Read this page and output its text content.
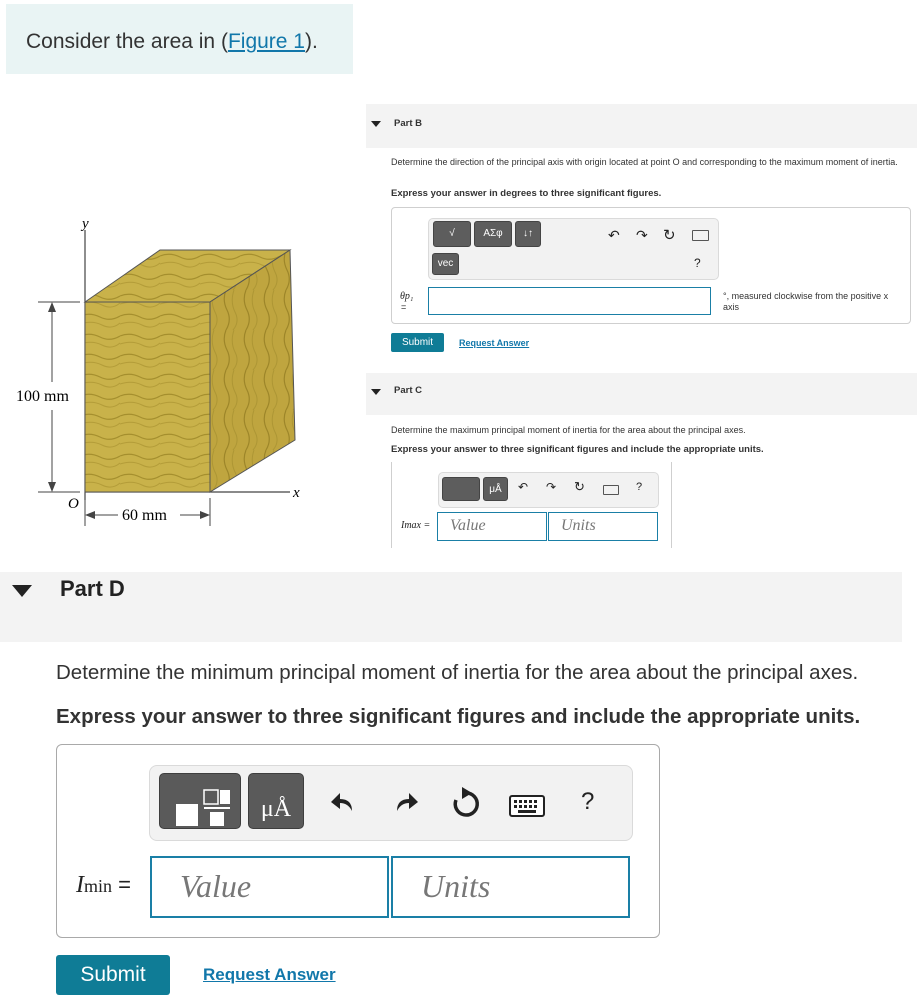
Consider the area in (Figure 1).
y
x
O
100 mm
60 mm
Part B
Determine the direction of the principal axis with origin located at point O and corresponding to the maximum moment of inertia.
Express your answer in degrees to three significant figures.
√	ΑΣφ	↓↑
vec
↶ ↷ ↻
?
θp₁
=
°, measured clockwise from the positive x axis
Submit	Request Answer
Part C
Determine the maximum principal moment of inertia for the area about the principal axes.
Express your answer to three significant figures and include the appropriate units.
μÅ	↶ ↷ ↻	?
Imax =	Value	Units
Part D
Determine the minimum principal moment of inertia for the area about the principal axes.
Express your answer to three significant figures and include the appropriate units.
μÅ	?
Imin =	Value	Units
Submit	Request Answer
